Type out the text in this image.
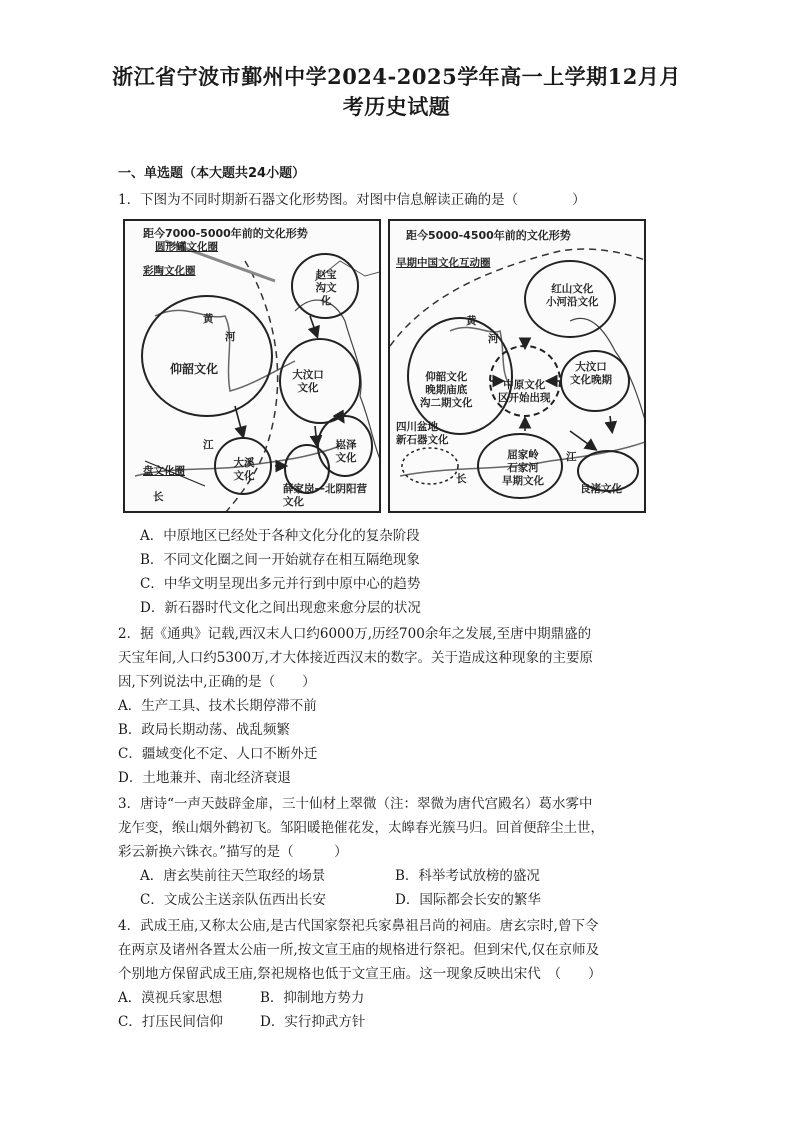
浙江省宁波市鄞州中学2024-2025学年高一上学期12月月
考历史试题
一、单选题（本大题共24小题）
1．下图为不同时期新石器文化形势图。对图中信息解读正确的是（　　　　）
距今7000-5000年前的文化形势
圆形罐文化圈
彩陶文化圈	赵宝沟文化
黄
河
仰韶文化	大汶口文化
江
大溪文化
崧泽文化
薛家岗—北阴阳营文化
盘文化圈
长
距今5000-4500年前的文化形势
早期中国文化互动圈
红山文化
小河沿文化
黄
河
仰韶文化
晚期庙底
沟二期文化
中原文化
区开始出现
大汶口
文化晚期
四川盆地
新石器文化
屈家岭
石家河
早期文化
江
长
良渚文化
A．中原地区已经处于各种文化分化的复杂阶段
B．不同文化圈之间一开始就存在相互隔绝现象
C．中华文明呈现出多元并行到中原中心的趋势
D．新石器时代文化之间出现愈来愈分层的状况
2．据《通典》记载,西汉末人口约6000万,历经700余年之发展,至唐中期鼎盛的
天宝年间,人口约5300万,才大体接近西汉末的数字。关于造成这种现象的主要原
因,下列说法中,正确的是（　　）
A．生产工具、技术长期停滞不前
B．政局长期动荡、战乱频繁
C．疆域变化不定、人口不断外迁
D．土地兼并、南北经济衰退
3．唐诗“一声天鼓辟金扉，三十仙材上翠微（注：翠微为唐代宫殿名）葛水雾中
龙乍变，缑山烟外鹤初飞。邹阳暖艳催花发，太皞春光簇马归。回首便辞尘土世，
彩云新换六铢衣。”描写的是（　　　）
A．唐玄奘前往天竺取经的场景	B．科举考试放榜的盛况
C．文成公主送亲队伍西出长安	D．国际都会长安的繁华
4．武成王庙,又称太公庙,是古代国家祭祀兵家鼻祖吕尚的祠庙。唐玄宗时,曾下令
在两京及诸州各置太公庙一所,按文宣王庙的规格进行祭祀。但到宋代,仅在京师及
个别地方保留武成王庙,祭祀规格也低于文宣王庙。这一现象反映出宋代　（　　）
A．漠视兵家思想	B．抑制地方势力
C．打压民间信仰	D．实行抑武方针
